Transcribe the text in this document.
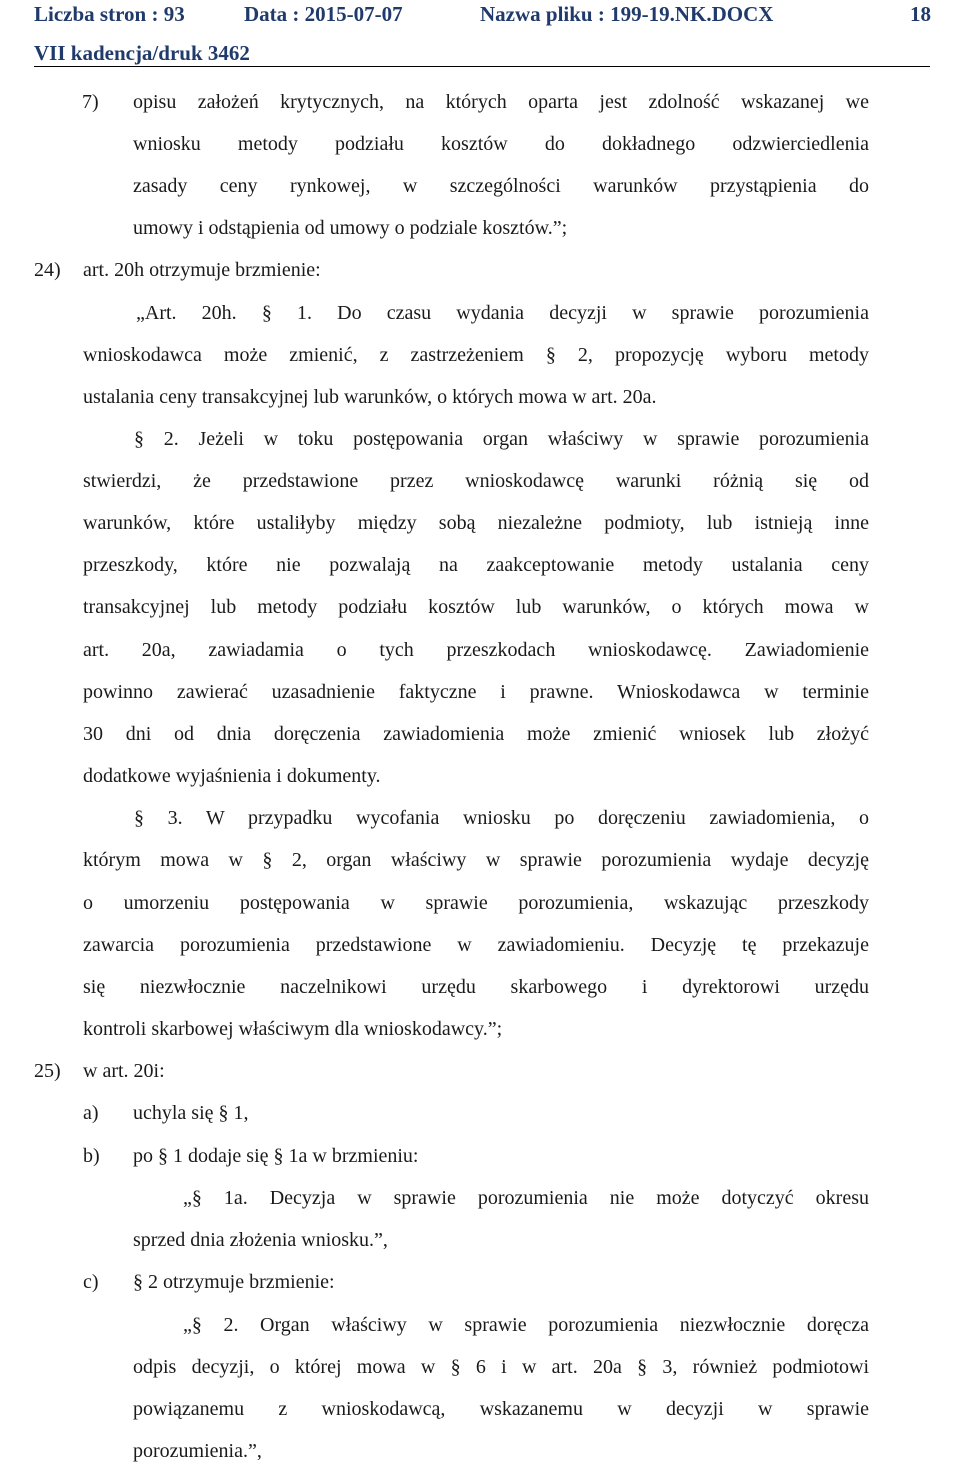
Liczba stron : 93	Data : 2015-07-07	Nazwa pliku : 199-19.NK.DOCX	18
VII kadencja/druk 3462
7) opisu założeń krytycznych, na których oparta jest zdolność wskazanej we
wniosku metody podziału kosztów do dokładnego odzwierciedlenia
zasady ceny rynkowej, w szczególności warunków przystąpienia do
umowy i odstąpienia od umowy o podziale kosztów.”;
24) art. 20h otrzymuje brzmienie:
„Art. 20h. § 1. Do czasu wydania decyzji w sprawie porozumienia
wnioskodawca może zmienić, z zastrzeżeniem § 2, propozycję wyboru metody
ustalania ceny transakcyjnej lub warunków, o których mowa w art. 20a.
§ 2. Jeżeli w toku postępowania organ właściwy w sprawie porozumienia
stwierdzi, że przedstawione przez wnioskodawcę warunki różnią się od
warunków, które ustaliłyby między sobą niezależne podmioty, lub istnieją inne
przeszkody, które nie pozwalają na zaakceptowanie metody ustalania ceny
transakcyjnej lub metody podziału kosztów lub warunków, o których mowa w
art. 20a, zawiadamia o tych przeszkodach wnioskodawcę. Zawiadomienie
powinno zawierać uzasadnienie faktyczne i prawne. Wnioskodawca w terminie
30 dni od dnia doręczenia zawiadomienia może zmienić wniosek lub złożyć
dodatkowe wyjaśnienia i dokumenty.
§ 3. W przypadku wycofania wniosku po doręczeniu zawiadomienia, o
którym mowa w § 2, organ właściwy w sprawie porozumienia wydaje decyzję
o umorzeniu postępowania w sprawie porozumienia, wskazując przeszkody
zawarcia porozumienia przedstawione w zawiadomieniu. Decyzję tę przekazuje
się niezwłocznie naczelnikowi urzędu skarbowego i dyrektorowi urzędu
kontroli skarbowej właściwym dla wnioskodawcy.”;
25) w art. 20i:
a) uchyla się § 1,
b) po § 1 dodaje się § 1a w brzmieniu:
„§ 1a. Decyzja w sprawie porozumienia nie może dotyczyć okresu
sprzed dnia złożenia wniosku.”,
c) § 2 otrzymuje brzmienie:
„§ 2. Organ właściwy w sprawie porozumienia niezwłocznie doręcza
odpis decyzji, o której mowa w § 6 i w art. 20a § 3, również podmiotowi
powiązanemu z wnioskodawcą, wskazanemu w decyzji w sprawie
porozumienia.”,
